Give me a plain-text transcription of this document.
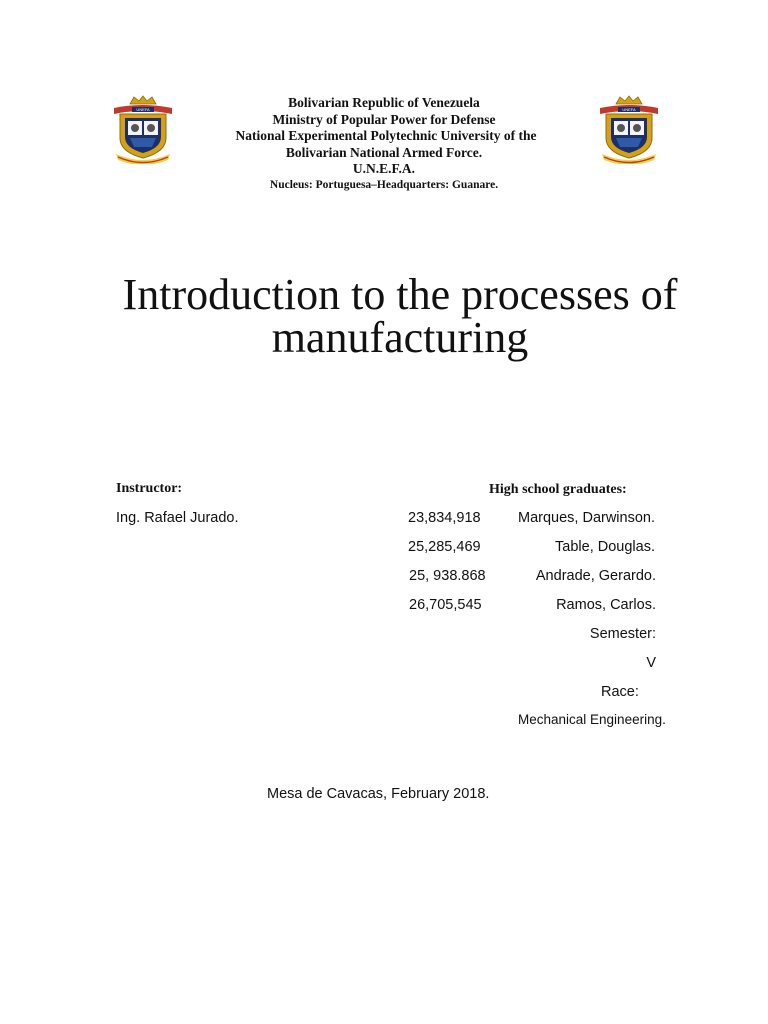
UNEFA	UNEFA
Bolivarian Republic of Venezuela
Ministry of Popular Power for Defense
National Experimental Polytechnic University of the
Bolivarian National Armed Force.
U.N.E.F.A.
Nucleus: Portuguesa–Headquarters: Guanare.
Introduction to the processes of
manufacturing
Instructor:
Ing. Rafael Jurado.
High school graduates:
23,834,918	Marques, Darwinson.
25,285,469	Table, Douglas.
25, 938.868	Andrade, Gerardo.
26,705,545	Ramos, Carlos.
Semester:
V
Race:
Mechanical Engineering.
Mesa de Cavacas, February 2018.
